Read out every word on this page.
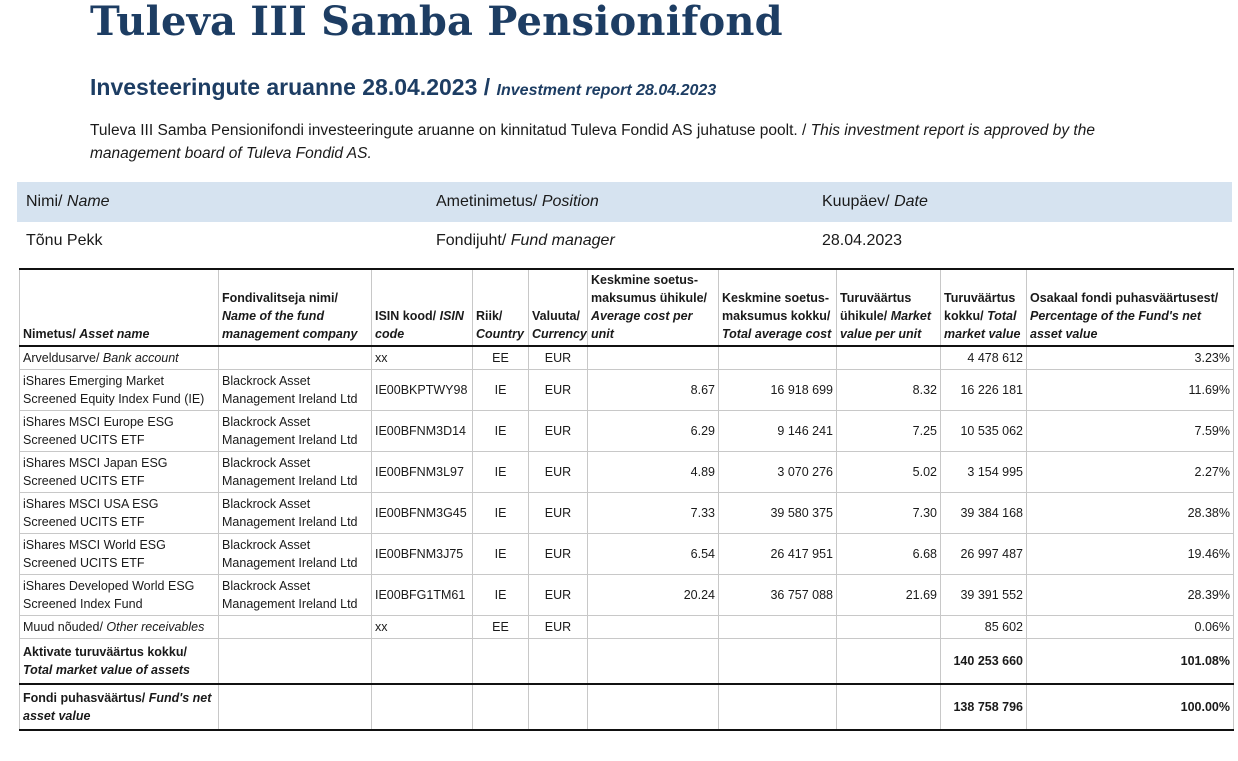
Tuleva III Samba Pensionifond
Investeeringute aruanne 28.04.2023 / Investment report 28.04.2023

Tuleva III Samba Pensionifondi investeeringute aruanne on kinnitatud Tuleva Fondid AS juhatuse poolt. / This investment report is approved by the management board of Tuleva Fondid AS.

Nimi/ Name	Ametinimetus/ Position	Kuupäev/ Date
Tõnu Pekk	Fondijuht/ Fund manager	28.04.2023
Nimetus/ Asset name	Fondivalitseja nimi/ Name of the fund management company	ISIN kood/ ISIN code	Riik/ Country	Valuuta/ Currency	Keskmine soetus-maksumus ühikule/ Average cost per unit	Keskmine soetus-maksumus kokku/ Total average cost	Turuväärtus ühikule/ Market value per unit	Turuväärtus kokku/ Total market value	Osakaal fondi puhasväärtusest/ Percentage of the Fund's net asset value
Arveldusarve/ Bank account		xx	EE	EUR				4 478 612	3.23%
iShares Emerging Market Screened Equity Index Fund (IE)	Blackrock Asset Management Ireland Ltd	IE00BKPTWY98	IE	EUR	8.67	16 918 699	8.32	16 226 181	11.69%
iShares MSCI Europe ESG Screened UCITS ETF	Blackrock Asset Management Ireland Ltd	IE00BFNM3D14	IE	EUR	6.29	9 146 241	7.25	10 535 062	7.59%
iShares MSCI Japan ESG Screened UCITS ETF	Blackrock Asset Management Ireland Ltd	IE00BFNM3L97	IE	EUR	4.89	3 070 276	5.02	3 154 995	2.27%
iShares MSCI USA ESG Screened UCITS ETF	Blackrock Asset Management Ireland Ltd	IE00BFNM3G45	IE	EUR	7.33	39 580 375	7.30	39 384 168	28.38%
iShares MSCI World ESG Screened UCITS ETF	Blackrock Asset Management Ireland Ltd	IE00BFNM3J75	IE	EUR	6.54	26 417 951	6.68	26 997 487	19.46%
iShares Developed World ESG Screened Index Fund	Blackrock Asset Management Ireland Ltd	IE00BFG1TM61	IE	EUR	20.24	36 757 088	21.69	39 391 552	28.39%
Muud nõuded/ Other receivables		xx	EE	EUR				85 602	0.06%
Aktivate turuväärtus kokku/
Total market value of assets								140 253 660	101.08%
Fondi puhasväärtus/ Fund's net asset value								138 758 796	100.00%
